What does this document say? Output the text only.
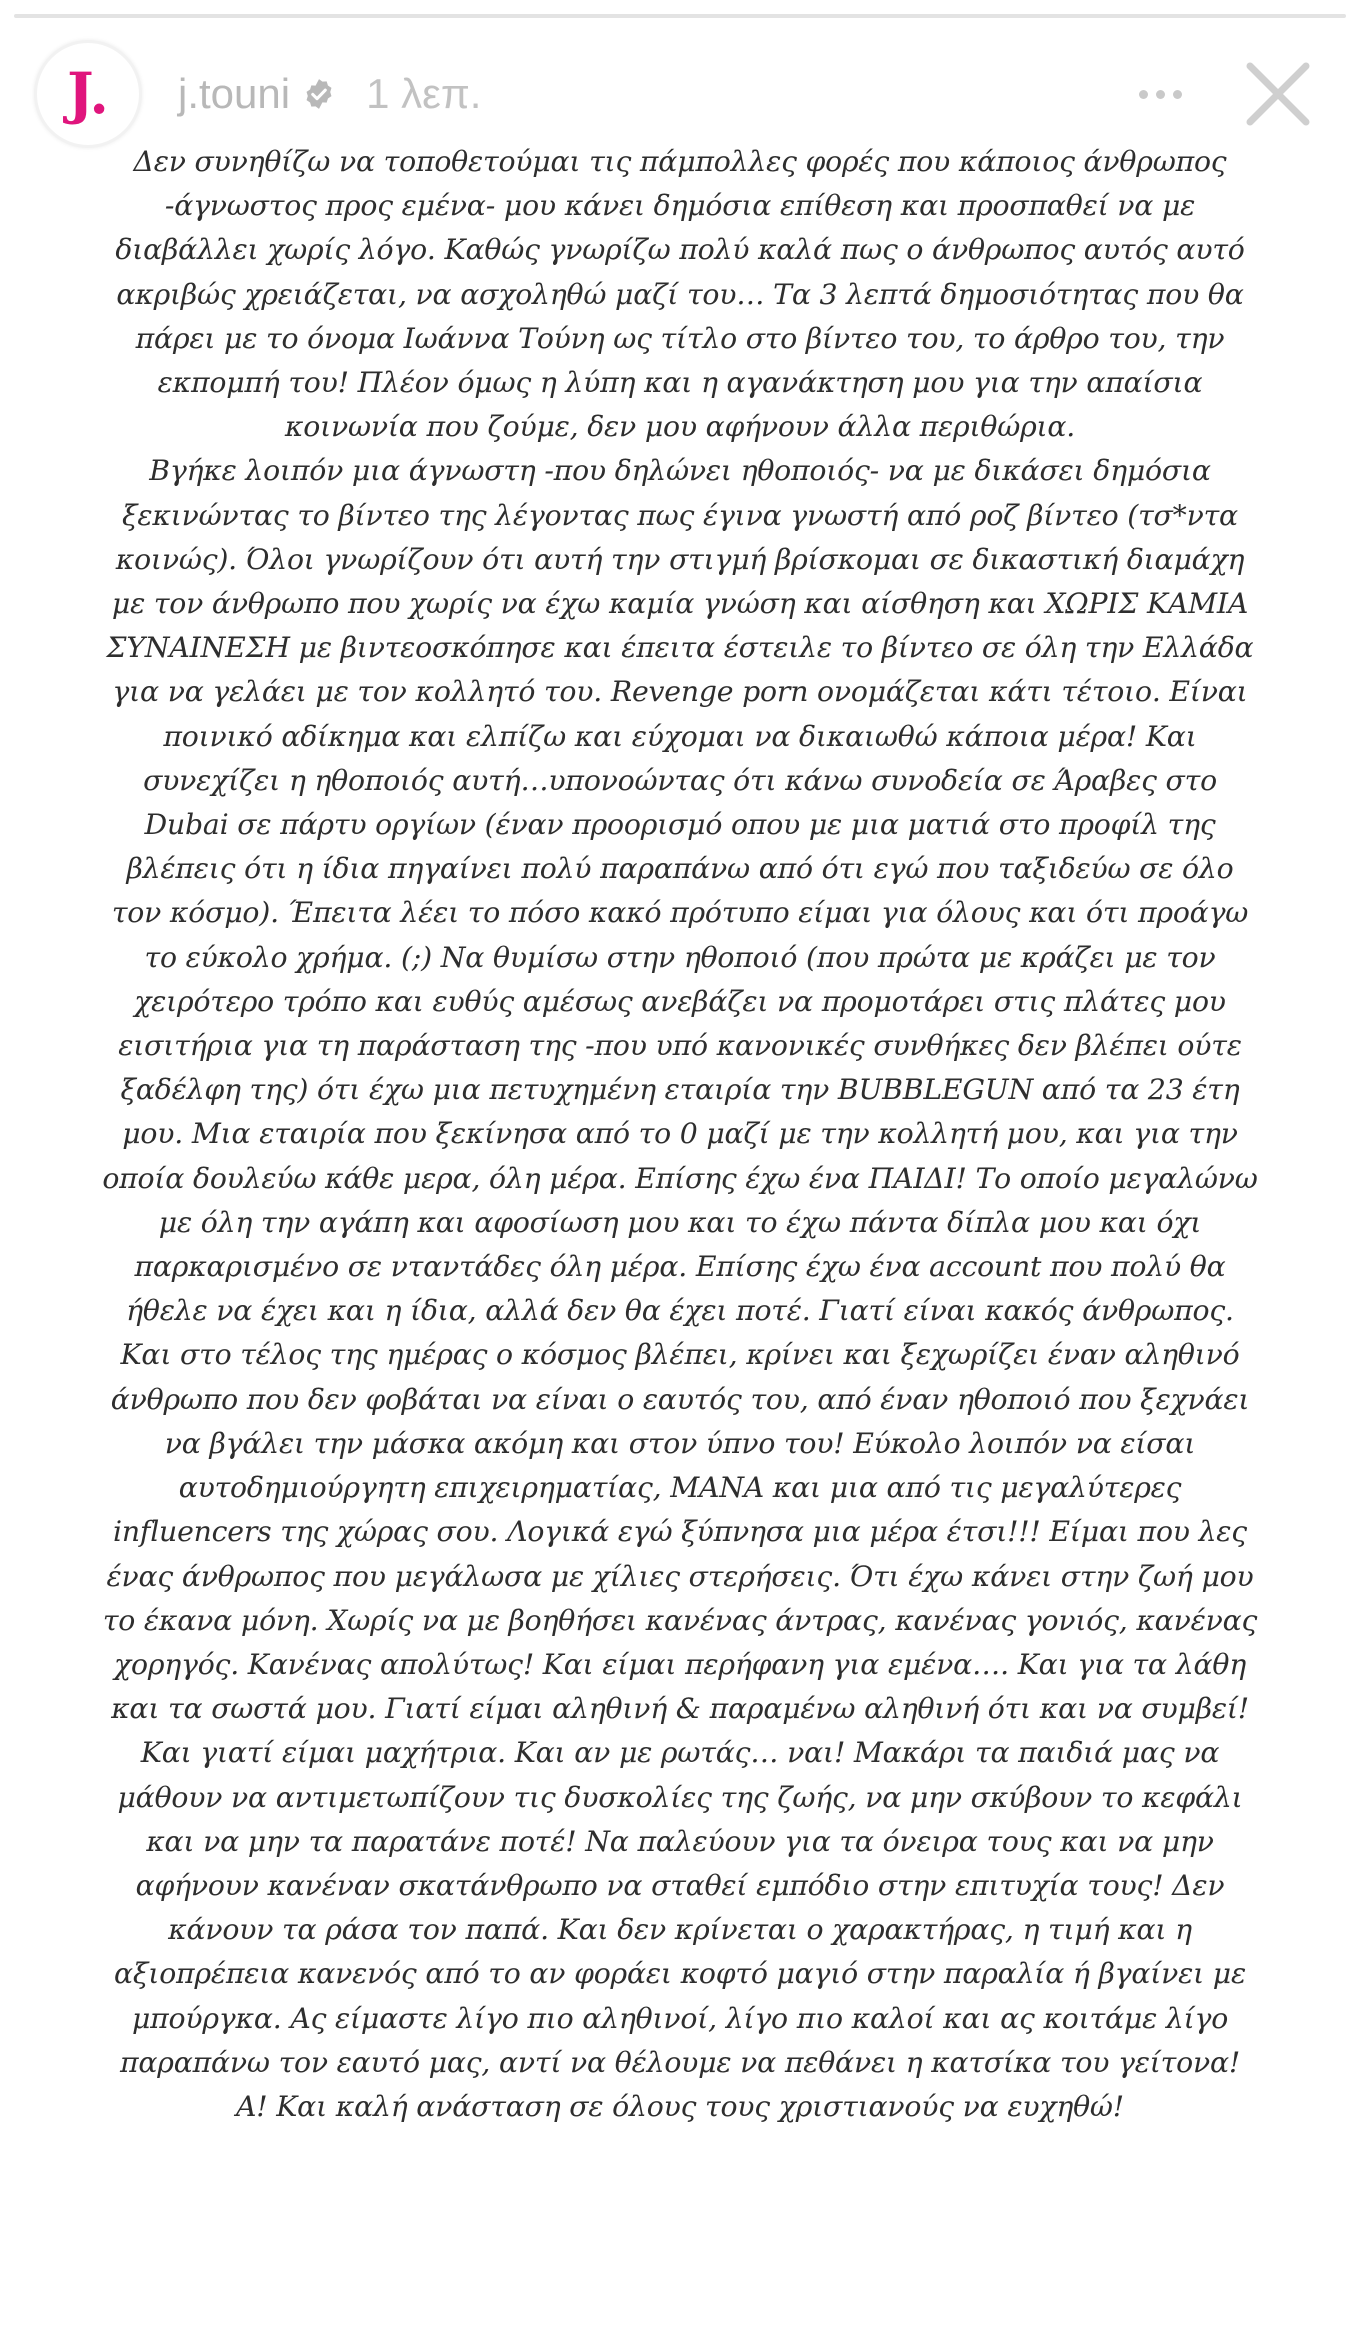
J. j.touni 1 λεπ.

Δεν συνηθίζω να τοποθετούμαι τις πάμπολλες φορές που κάποιος άνθρωπος -άγνωστος προς εμένα- μου κάνει δημόσια επίθεση και προσπαθεί να με διαβάλλει χωρίς λόγο. Καθώς γνωρίζω πολύ καλά πως ο άνθρωπος αυτός αυτό ακριβώς χρειάζεται, να ασχοληθώ μαζί του… Τα 3 λεπτά δημοσιότητας που θα πάρει με το όνομα Ιωάννα Τούνη ως τίτλο στο βίντεο του, το άρθρο του, την εκπομπή του! Πλέον όμως η λύπη και η αγανάκτηση μου για την απαίσια κοινωνία που ζούμε, δεν μου αφήνουν άλλα περιθώρια.

Βγήκε λοιπόν μια άγνωστη -που δηλώνει ηθοποιός- να με δικάσει δημόσια ξεκινώντας το βίντεο της λέγοντας πως έγινα γνωστή από ροζ βίντεο (τσ*ντα κοινώς). Όλοι γνωρίζουν ότι αυτή την στιγμή βρίσκομαι σε δικαστική διαμάχη με τον άνθρωπο που χωρίς να έχω καμία γνώση και αίσθηση και ΧΩΡΙΣ ΚΑΜΙΑ ΣΥΝΑΙΝΕΣΗ με βιντεοσκόπησε και έπειτα έστειλε το βίντεο σε όλη την Ελλάδα για να γελάει με τον κολλητό του. Revenge porn ονομάζεται κάτι τέτοιο. Είναι ποινικό αδίκημα και ελπίζω και εύχομαι να δικαιωθώ κάποια μέρα! Και συνεχίζει η ηθοποιός αυτή…υπονοώντας ότι κάνω συνοδεία σε Άραβες στο Dubai σε πάρτυ οργίων (έναν προορισμό οπου με μια ματιά στο προφίλ της βλέπεις ότι η ίδια πηγαίνει πολύ παραπάνω από ότι εγώ που ταξιδεύω σε όλο τον κόσμο). Έπειτα λέει το πόσο κακό πρότυπο είμαι για όλους και ότι προάγω το εύκολο χρήμα. (;) Να θυμίσω στην ηθοποιό (που πρώτα με κράζει με τον χειρότερο τρόπο και ευθύς αμέσως ανεβάζει να προμοτάρει στις πλάτες μου εισιτήρια για τη παράσταση της -που υπό κανονικές συνθήκες δεν βλέπει ούτε ξαδέλφη της) ότι έχω μια πετυχημένη εταιρία την BUBBLEGUN από τα 23 έτη μου. Μια εταιρία που ξεκίνησα από το 0 μαζί με την κολλητή μου, και για την οποία δουλεύω κάθε μερα, όλη μέρα. Επίσης έχω ένα ΠΑΙΔΙ! Το οποίο μεγαλώνω με όλη την αγάπη και αφοσίωση μου και το έχω πάντα δίπλα μου και όχι παρκαρισμένο σε νταντάδες όλη μέρα. Επίσης έχω ένα account που πολύ θα ήθελε να έχει και η ίδια, αλλά δεν θα έχει ποτέ. Γιατί είναι κακός άνθρωπος. Και στο τέλος της ημέρας ο κόσμος βλέπει, κρίνει και ξεχωρίζει έναν αληθινό άνθρωπο που δεν φοβάται να είναι ο εαυτός του, από έναν ηθοποιό που ξεχνάει να βγάλει την μάσκα ακόμη και στον ύπνο του! Εύκολο λοιπόν να είσαι αυτοδημιούργητη επιχειρηματίας, ΜΑΝΑ και μια από τις μεγαλύτερες influencers της χώρας σου. Λογικά εγώ ξύπνησα μια μέρα έτσι!!! Είμαι που λες ένας άνθρωπος που μεγάλωσα με χίλιες στερήσεις. Ότι έχω κάνει στην ζωή μου το έκανα μόνη. Χωρίς να με βοηθήσει κανένας άντρας, κανένας γονιός, κανένας χορηγός. Κανένας απολύτως! Και είμαι περήφανη για εμένα…. Και για τα λάθη και τα σωστά μου. Γιατί είμαι αληθινή & παραμένω αληθινή ότι και να συμβεί! Και γιατί είμαι μαχήτρια. Και αν με ρωτάς… ναι! Μακάρι τα παιδιά μας να μάθουν να αντιμετωπίζουν τις δυσκολίες της ζωής, να μην σκύβουν το κεφάλι και να μην τα παρατάνε ποτέ! Να παλεύουν για τα όνειρα τους και να μην αφήνουν κανέναν σκατάνθρωπο να σταθεί εμπόδιο στην επιτυχία τους! Δεν κάνουν τα ράσα τον παπά. Και δεν κρίνεται ο χαρακτήρας, η τιμή και η αξιοπρέπεια κανενός από το αν φοράει κοφτό μαγιό στην παραλία ή βγαίνει με μπούργκα. Ας είμαστε λίγο πιο αληθινοί, λίγο πιο καλοί και ας κοιτάμε λίγο παραπάνω τον εαυτό μας, αντί να θέλουμε να πεθάνει η κατσίκα του γείτονα! Α! Και καλή ανάσταση σε όλους τους χριστιανούς να ευχηθώ!
